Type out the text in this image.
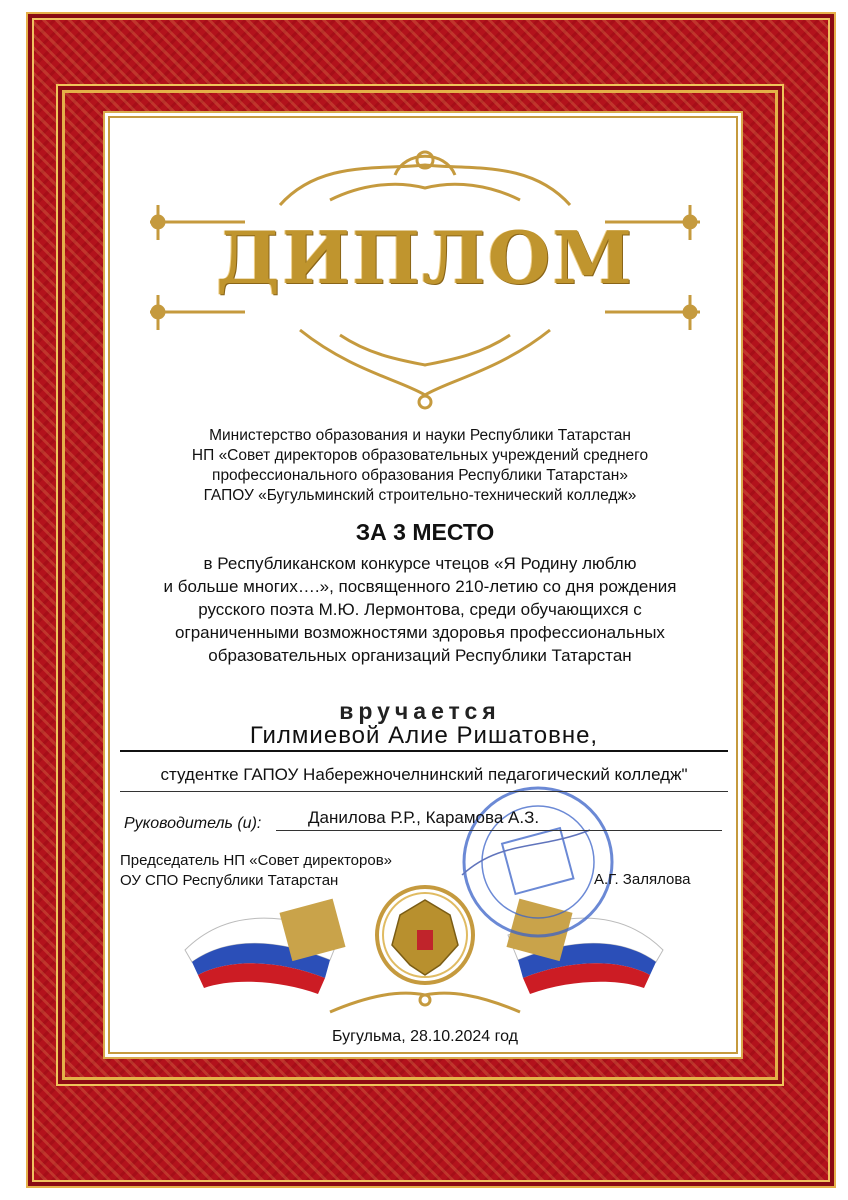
ДИПЛОМ
Министерство образования и науки Республики Татарстан
НП «Совет директоров образовательных учреждений среднего
профессионального образования Республики Татарстан»
ГАПОУ «Бугульминский строительно-технический колледж»
ЗА 3 МЕСТО
в Республиканском конкурсе чтецов «Я Родину люблю
и больше многих….», посвященного 210-летию со дня рождения
русского поэта М.Ю. Лермонтова, среди обучающихся с
ограниченными возможностями здоровья профессиональных
образовательных организаций Республики Татарстан
вручается
Гилмиевой Алие Ришатовне,
студентке ГАПОУ Набережночелнинский педагогический колледж"
Руководитель (и):	Данилова Р.Р., Карамова А.З.
Председатель НП «Совет директоров»
ОУ СПО Республики Татарстан	А.Г. Залялова
Бугульма, 28.10.2024 год
